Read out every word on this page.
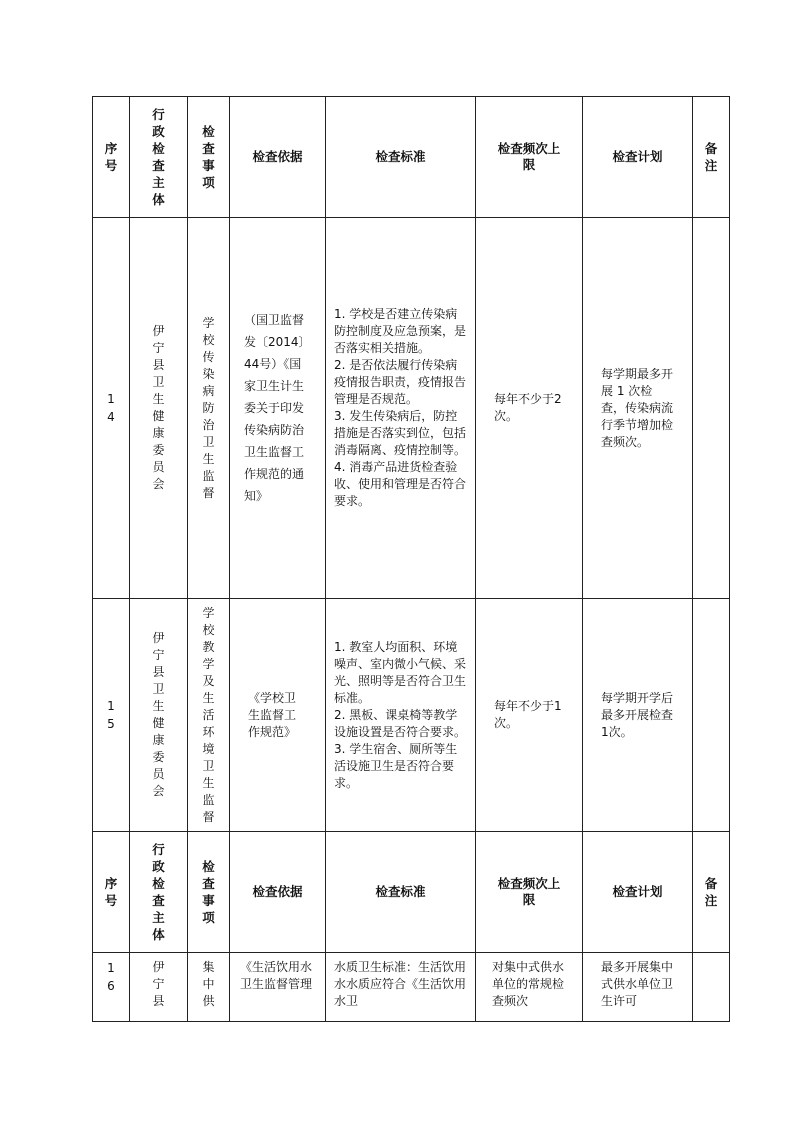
序号	行政检查主体	检查事项	检查依据	检查标准	检查频次上限	检查计划	备注
14	伊宁县卫生健康委员会	学校传染病防治卫生监督	（国卫监督发〔2014〕44号）《国家卫生计生委关于印发传染病防治卫生监督工作规范的通知》	1. 学校是否建立传染病防控制度及应急预案，是否落实相关措施。
2. 是否依法履行传染病疫情报告职责，疫情报告管理是否规范。
3. 发生传染病后，防控措施是否落实到位，包括消毒隔离、疫情控制等。
4. 消毒产品进货检查验收、使用和管理是否符合要求。	每年不少于2 次。	每学期最多开展 1 次检查，传染病流行季节增加检查频次。	
15	伊宁县卫生健康委员会	学校教学及生活环境卫生监督	《学校卫生监督工作规范》	1. 教室人均面积、环境噪声、室内微小气候、采光、照明等是否符合卫生标准。
2. 黑板、课桌椅等教学设施设置是否符合要求。
3. 学生宿舍、厕所等生活设施卫生是否符合要求。	每年不少于1 次。	每学期开学后最多开展检查1次。	
序号	行政检查主体	检查事项	检查依据	检查标准	检查频次上限	检查计划	备注

16	伊宁县	集中供	《生活饮用水卫生监督管理	水质卫生标准：生活饮用水水质应符合《生活饮用水卫	对集中式供水单位的常规检查频次	最多开展集中式供水单位卫生许可	
